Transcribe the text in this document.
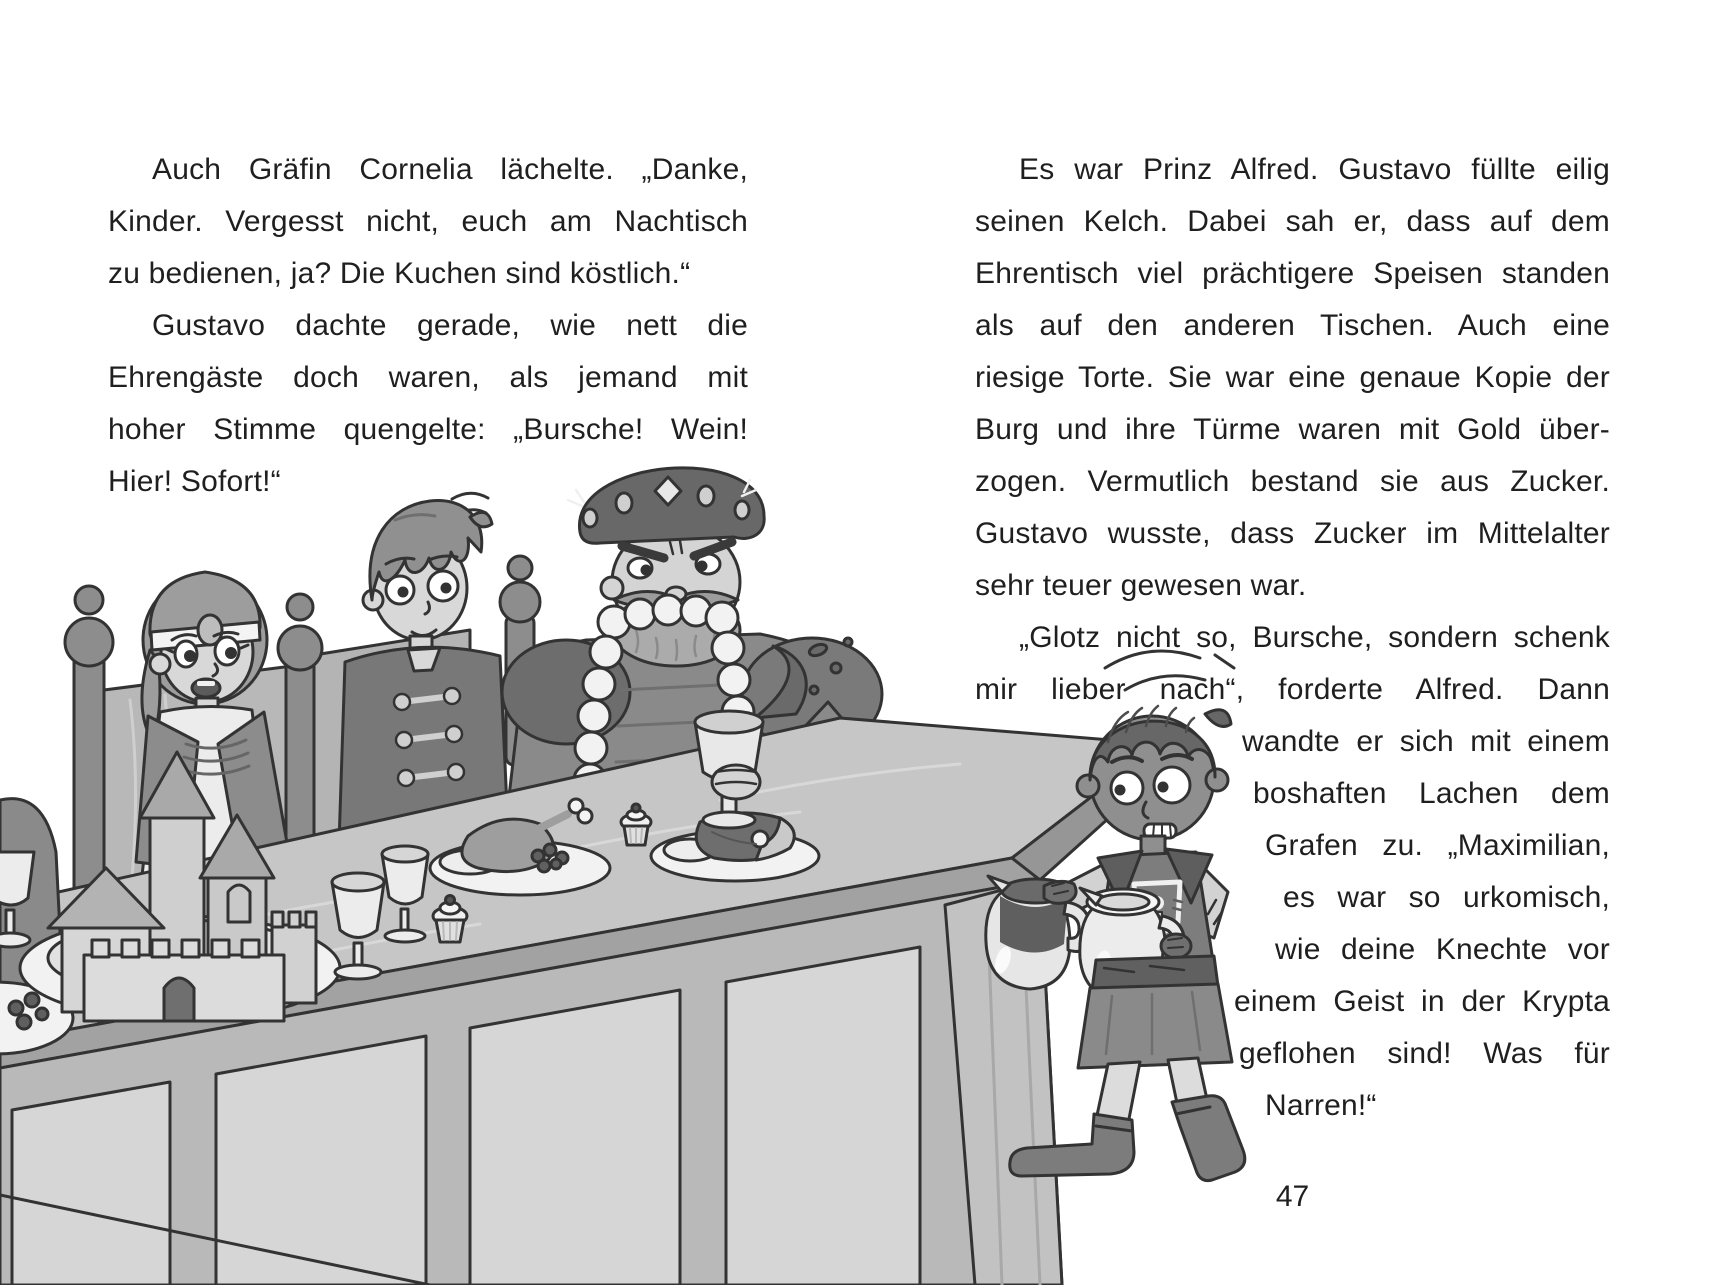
Auch Gräfin Cornelia lächelte. „Danke,
Kinder. Vergesst nicht, euch am Nachtisch
zu bedienen, ja? Die Kuchen sind köstlich.“
Gustavo dachte gerade, wie nett die
Ehrengäste doch waren, als jemand mit
hoher Stimme quengelte: „Bursche! Wein!
Hier! Sofort!“
Es war Prinz Alfred. Gustavo füllte eilig
seinen Kelch. Dabei sah er, dass auf dem
Ehrentisch viel prächtigere Speisen standen
als auf den anderen Tischen. Auch eine
riesige Torte. Sie war eine genaue Kopie der
Burg und ihre Türme waren mit Gold über-
zogen. Vermutlich bestand sie aus Zucker.
Gustavo wusste, dass Zucker im Mittelalter
sehr teuer gewesen war.
„Glotz nicht so, Bursche, sondern schenk
mir lieber nach“, forderte Alfred. Dann
wandte er sich mit einem
boshaften Lachen dem
Grafen zu. „Maximilian,
es war so urkomisch,
wie deine Knechte vor
einem Geist in der Krypta
geflohen sind! Was für
Narren!“
47
